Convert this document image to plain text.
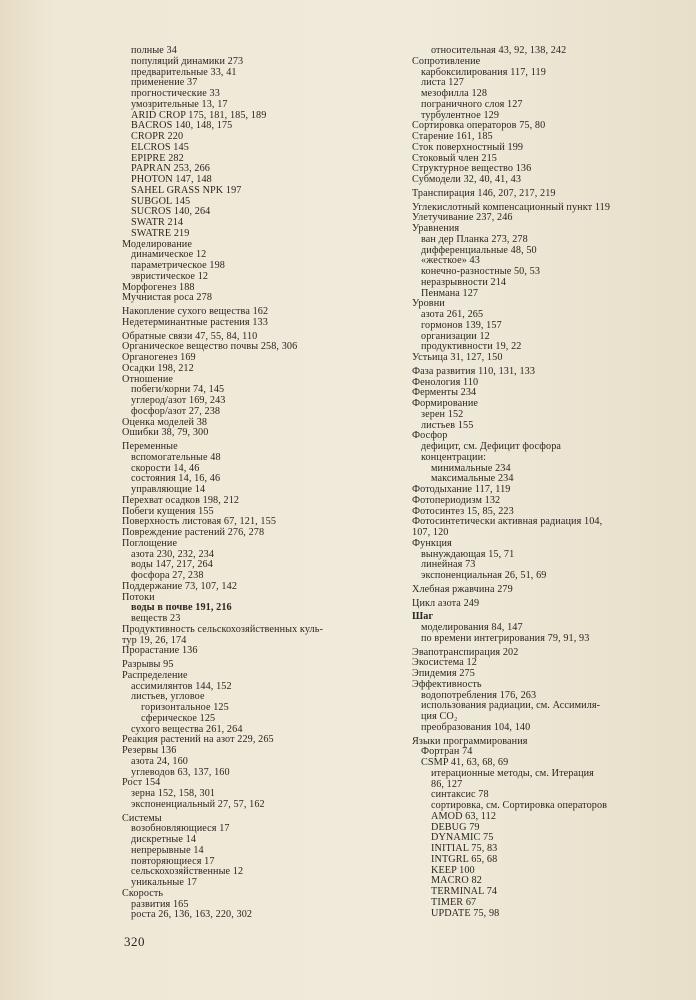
полные 34
популяций динамики 273
предварительные 33, 41
применение 37
прогностические 33
умозрительные 13, 17
ARID CROP 175, 181, 185, 189
BACROS 140, 148, 175
CROPR 220
ELCROS 145
EPIPRE 282
PAPRAN 253, 266
PHOTON 147, 148
SAHEL GRASS NPK 197
SUBGOL 145
SUCROS 140, 264
SWATR 214
SWATRE 219
Моделирование
динамическое 12
параметрическое 198
эвристическое 12
Морфогенез 188
Мучнистая роса 278
Накопление сухого вещества 162
Недетерминантные растения 133
Обратные связи 47, 55, 84, 110
Органическое вещество почвы 258, 306
Органогенез 169
Осадки 198, 212
Отношение
побеги/корни 74, 145
углерод/азот 169, 243
фосфор/азот 27, 238
Оценка моделей 38
Ошибки 38, 79, 300
Переменные
вспомогательные 48
скорости 14, 46
состояния 14, 16, 46
управляющие 14
Перехват осадков 198, 212
Побеги кущения 155
Поверхность листовая 67, 121, 155
Повреждение растений 276, 278
Поглощение
азота 230, 232, 234
воды 147, 217, 264
фосфора 27, 238
Поддержание 73, 107, 142
Потоки
воды в почве 191, 216
веществ 23
Продуктивность сельскохозяйственных куль-
тур 19, 26, 174
Прорастание 136
Разрывы 95
Распределение
ассимилянтов 144, 152
листьев, угловое
горизонтальное 125
сферическое 125
сухого вещества 261, 264
Реакция растений на азот 229, 265
Резервы 136
азота 24, 160
углеводов 63, 137, 160
Рост 154
зерна 152, 158, 301
экспоненциальный 27, 57, 162
Системы
возобновляющиеся 17
дискретные 14
непрерывные 14
повторяющиеся 17
сельскохозяйственные 12
уникальные 17
Скорость
развития 165
роста 26, 136, 163, 220, 302
относительная 43, 92, 138, 242
Сопротивление
карбоксилирования 117, 119
листа 127
мезофилла 128
пограничного слоя 127
турбулентное 129
Сортировка операторов 75, 80
Старение 161, 185
Сток поверхностный 199
Стоковый член 215
Структурное вещество 136
Субмодели 32, 40, 41, 43
Транспирация 146, 207, 217, 219
Углекислотный компенсационный пункт 119
Улетучивание 237, 246
Уравнения
ван дер Планка 273, 278
дифференциальные 48, 50
«жесткое» 43
конечно-разностные 50, 53
неразрывности 214
Пенмана 127
Уровни
азота 261, 265
гормонов 139, 157
организации 12
продуктивности 19, 22
Устьица 31, 127, 150
Фаза развития 110, 131, 133
Фенология 110
Ферменты 234
Формирование
зерен 152
листьев 155
Фосфор
дефицит, см. Дефицит фосфора
концентрации:
минимальные 234
максимальные 234
Фотодыхание 117, 119
Фотопериодизм 132
Фотосинтез 15, 85, 223
Фотосинтетически активная радиация 104,
107, 120
Функция
вынуждающая 15, 71
линейная 73
экспоненциальная 26, 51, 69
Хлебная ржавчина 279
Цикл азота 249
Шаг
моделирования 84, 147
по времени интегрирования 79, 91, 93
Эвапотранспирация 202
Экосистема 12
Эпидемия 275
Эффективность
водопотребления 176, 263
использования радиации, см. Ассимиля-
ция CO₂
преобразования 104, 140
Языки программирования
Фортран 74
CSMP 41, 63, 68, 69
итерационные методы, см. Итерация
86, 127
синтаксис 78
сортировка, см. Сортировка операторов
AMOD 63, 112
DEBUG 79
DYNAMIC 75
INITIAL 75, 83
INTGRL 65, 68
KEEP 100
MACRO 82
TERMINAL 74
TIMER 67
UPDATE 75, 98
320
